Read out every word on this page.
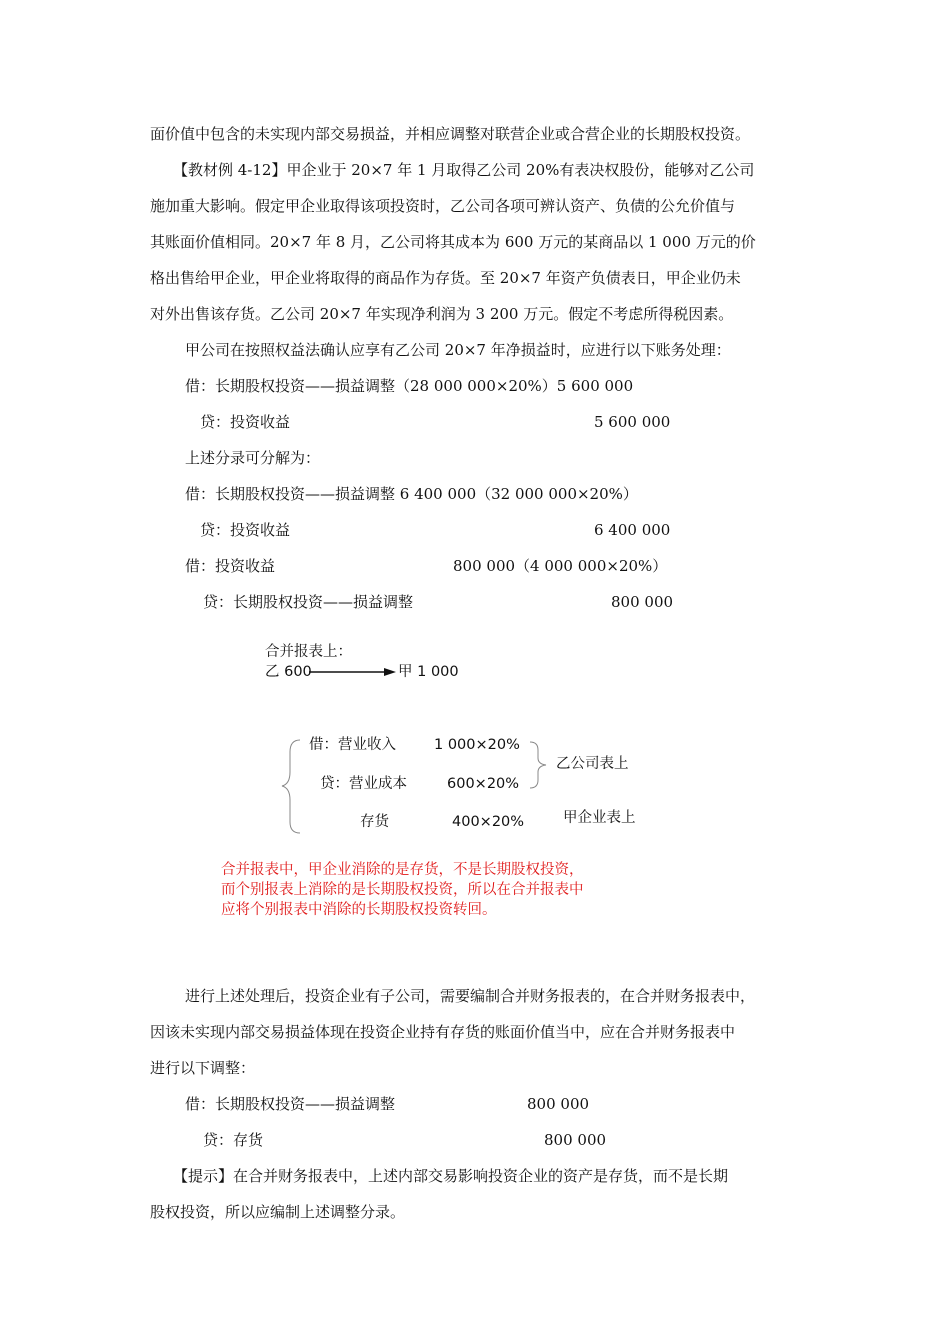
面价值中包含的未实现内部交易损益，并相应调整对联营企业或合营企业的长期股权投资。
【教材例 4-12】甲企业于 20×7 年 1 月取得乙公司 20%有表决权股份，能够对乙公司
施加重大影响。假定甲企业取得该项投资时，乙公司各项可辨认资产、负债的公允价值与
其账面价值相同。20×7 年 8 月，乙公司将其成本为 600 万元的某商品以 1 000 万元的价
格出售给甲企业，甲企业将取得的商品作为存货。至 20×7 年资产负债表日，甲企业仍未
对外出售该存货。乙公司 20×7 年实现净利润为 3 200 万元。假定不考虑所得税因素。
甲公司在按照权益法确认应享有乙公司 20×7 年净损益时，应进行以下账务处理：
借：长期股权投资——损益调整（28 000 000×20%）5 600 000
贷：投资收益	5 600 000
上述分录可分解为：
借：长期股权投资——损益调整 6 400 000（32 000 000×20%）
贷：投资收益	6 400 000
借：投资收益	800 000（4 000 000×20%）
贷：长期股权投资——损益调整	800 000
合并报表上：
乙 600	甲 1 000
借：营业收入	1 000×20%
贷：营业成本	600×20%
存货	400×20%
乙公司表上
甲企业表上
合并报表中，甲企业消除的是存货，不是长期股权投资，
而个别报表上消除的是长期股权投资，所以在合并报表中
应将个别报表中消除的长期股权投资转回。
进行上述处理后，投资企业有子公司，需要编制合并财务报表的，在合并财务报表中，
因该未实现内部交易损益体现在投资企业持有存货的账面价值当中，应在合并财务报表中
进行以下调整：
借：长期股权投资——损益调整	800 000
贷：存货	800 000
【提示】在合并财务报表中，上述内部交易影响投资企业的资产是存货，而不是长期
股权投资，所以应编制上述调整分录。
